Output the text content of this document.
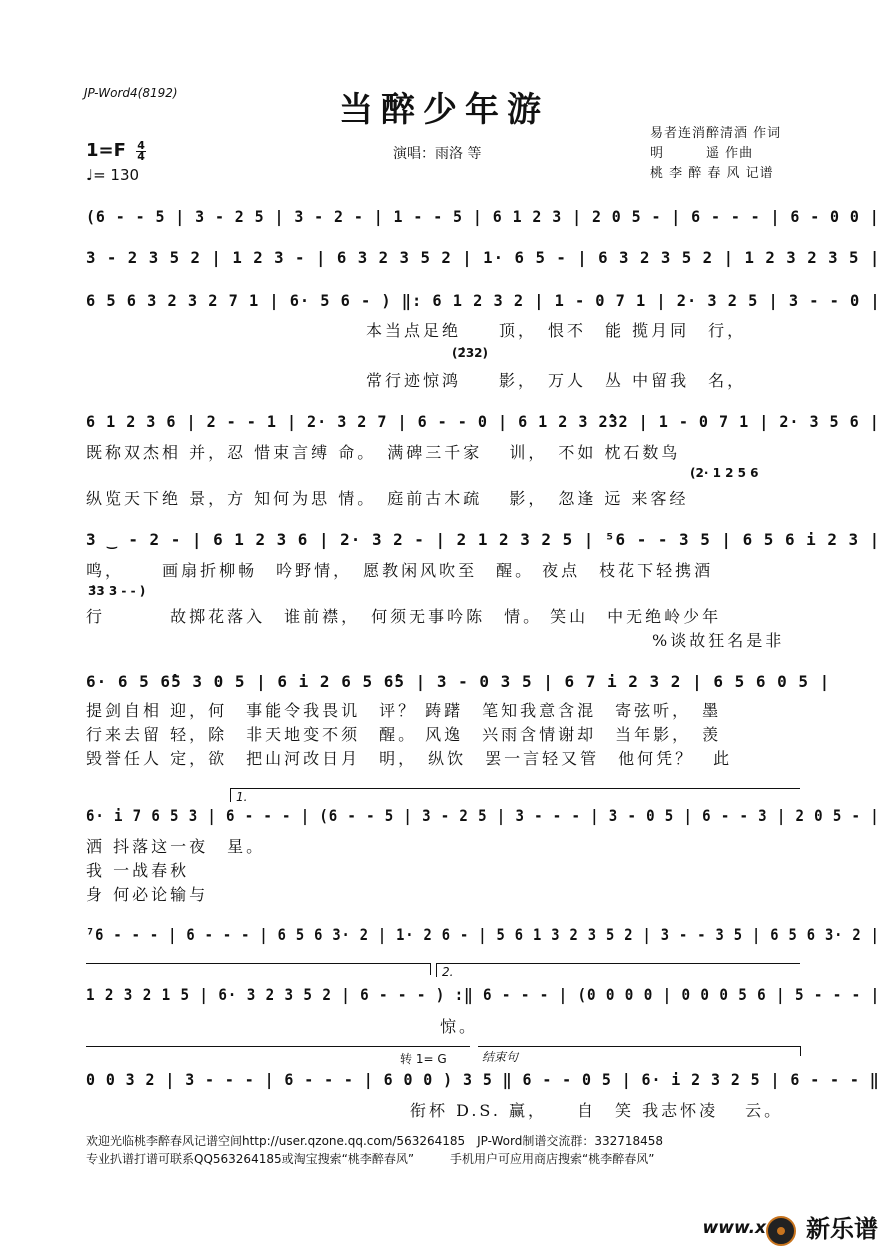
JP-Word4(8192)	当醉少年游
$1=F \frac{4}{4}$
♩= 130
演唱：雨洛 等
易者连消醉清酒 作词
明　　　遥 作曲
桃 李 醉 春 风 记谱
(6 - - 5 | 3 - 2 5 | 3 - 2 - | 1 - - 5 | 6 1 2 3 | 2 0 5 - | 6 - - - | 6 - 0 0 |
3 - 2 3 5 2 | 1 2 3 - | 6 3 2 3 5 2 | 1· 6 5 - | 6 3 2 3 5 2 | 1 2 3 2 3 5 |
6 5 6 3 2 3 2 7 1 | 6· 5 6 - ) ‖: 6 1 2 3 2 | 1 - 0 7 1 | 2· 3 2 5 | 3 - - 0 |
本当点足绝　　顶，　恨不　能 揽月同　行，
(2̂32)
常行迹惊鸿　　影，　万人　丛 中留我　名，
6 1 2 3 6 | 2 - - 1 | 2· 3 2 7 | 6 - - 0 | 6 1 2 3 2̂32 | 1 - 0 7 1 | 2· 3 5 6 |
既称双杰相 并，忍 惜束言缚 命。　满碑三千家　 训，　不如 枕石数鸟
(2· 1 2 5 6
纵览天下绝 景，方 知何为思 情。　庭前古木疏　 影，　忽逢 远 来客经
3 ‿ - 2 - | 6 1 2 3 6 | 2· 3 2 - | 2 1 2 3 2 5 | ⁵6 - - 3 5 | 6 5 6 i 2 3 |
鸣，　　 画扇折柳畅　吟野情，　愿教闲风吹至　醒。 夜点　枝花下轻携酒
3̂3 3 - - )
行　　　 故掷花落入　谁前襟，　何须无事吟陈　情。 笑山　中无绝岭少年
%谈故狂名是非
6· 6 5 6̂5 3 0 5 | 6 i 2 6 5 6̂5 | 3 - 0 3 5 | 6 7 i 2 3 2 | 6 5 6 0 5 |
提剑自相 迎，何　事能令我畏讥　评？ 踌躇　笔知我意含混　寄弦听，　墨
行来去留 轻，除　非天地变不须　醒。 风逸　兴雨含情谢却　当年影，　羡
毁誉任人 定，欲　把山河改日月　明，　纵饮　罢一言轻又管　他何凭？　此
1.
6· i 7 6 5 3 | 6 - - - | (6 - - 5 | 3 - 2 5 | 3 - - - | 3 - 0 5 | 6 - - 3 | 2 0 5 - |
洒 抖落这一夜　星。
我 一战春秋
身 何必论输与
⁷6 - - - | 6 - - - | 6 5 6 3· 2 | 1· 2 6 - | 5 6 1 3 2 3 5 2 | 3 - - 3 5 | 6 5 6 3· 2 |
2.
1 2 3 2 1 5 | 6· 3 2 3 5 2 | 6 - - - ) :‖ 6 - - - | (0 0 0 0 | 0 0 0 5 6 | 5 - - - |
惊。
转 1= G	结束句
0 0 3 2 | 3 - - - | 6 - - - | 6 0 0 ) 3 5 ‖ 6 - - 0 5 | 6· i 2 3 2 5 | 6 - - - ‖
衔杯 D.S. 赢，　　自　笑 我志怀凌　 云。
欢迎光临桃李醉春风记谱空间http://user.qzone.qq.com/563264185　JP-Word制谱交流群：332718458
专业扒谱打谱可联系QQ563264185或淘宝搜索“桃李醉春风”　　　手机用户可应用商店搜索“桃李醉春风”
www.x 新乐谱
